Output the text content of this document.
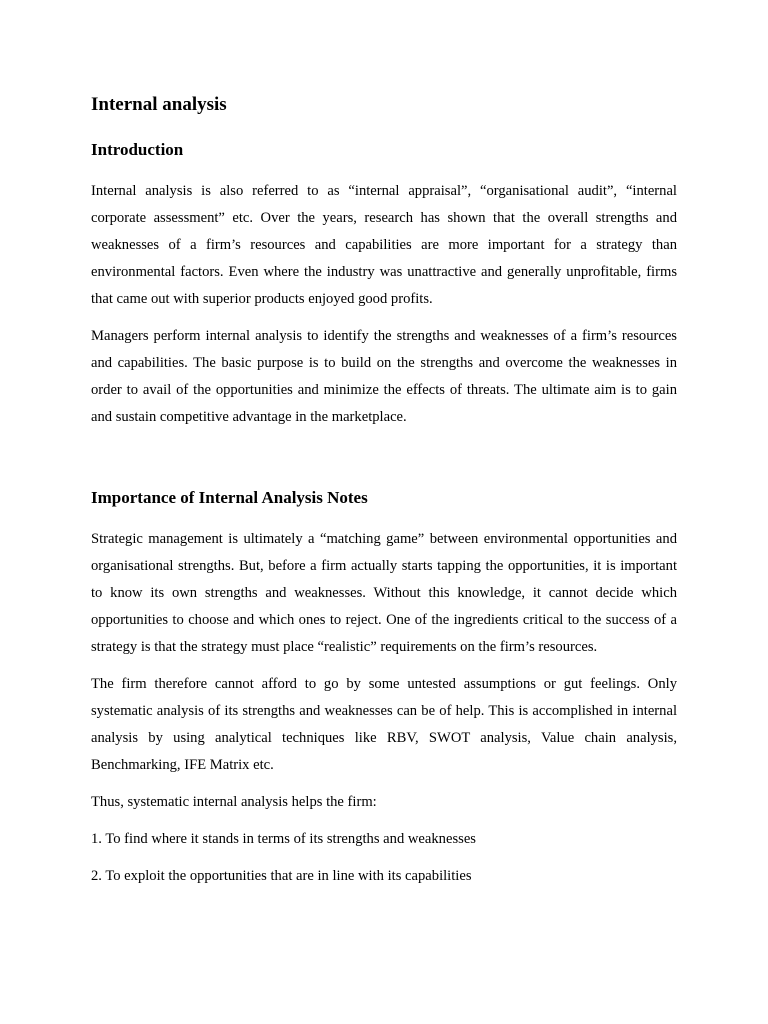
Internal analysis
Introduction

Internal analysis is also referred to as “internal appraisal”, “organisational audit”, “internal corporate assessment” etc. Over the years, research has shown that the overall strengths and weaknesses of a firm’s resources and capabilities are more important for a strategy than environmental factors. Even where the industry was unattractive and generally unprofitable, firms that came out with superior products enjoyed good profits.

Managers perform internal analysis to identify the strengths and weaknesses of a firm’s resources and capabilities. The basic purpose is to build on the strengths and overcome the weaknesses in order to avail of the opportunities and minimize the effects of threats. The ultimate aim is to gain and sustain competitive advantage in the marketplace.

Importance of Internal Analysis Notes

Strategic management is ultimately a “matching game” between environmental opportunities and organisational strengths. But, before a firm actually starts tapping the opportunities, it is important to know its own strengths and weaknesses. Without this knowledge, it cannot decide which opportunities to choose and which ones to reject. One of the ingredients critical to the success of a strategy is that the strategy must place “realistic” requirements on the firm’s resources.

The firm therefore cannot afford to go by some untested assumptions or gut feelings. Only systematic analysis of its strengths and weaknesses can be of help. This is accomplished in internal analysis by using analytical techniques like RBV, SWOT analysis, Value chain analysis, Benchmarking, IFE Matrix etc.

Thus, systematic internal analysis helps the firm:

1. To find where it stands in terms of its strengths and weaknesses

2. To exploit the opportunities that are in line with its capabilities
